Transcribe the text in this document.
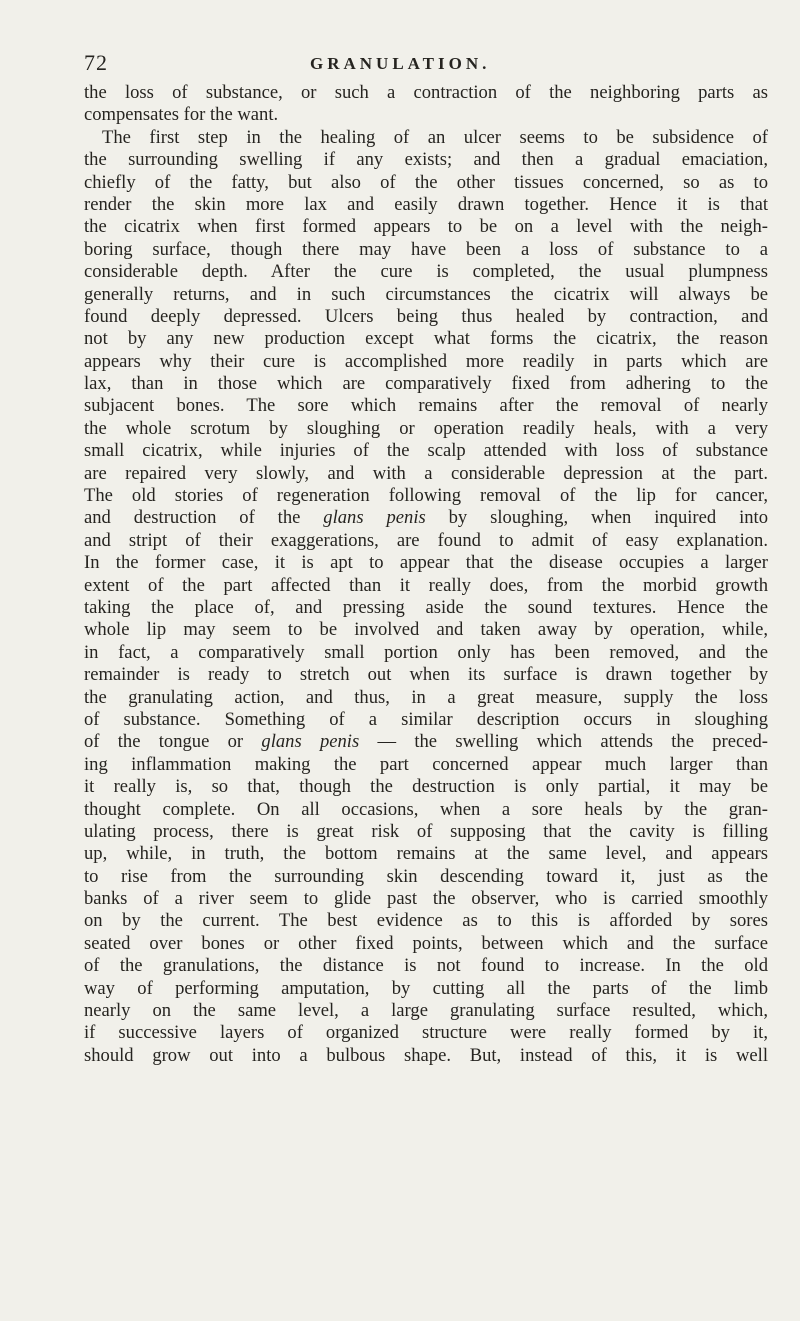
72	GRANULATION.
the loss of substance, or such a contraction of the neighboring parts as
compensates for the want.
The first step in the healing of an ulcer seems to be subsidence of
the surrounding swelling if any exists; and then a gradual emaciation,
chiefly of the fatty, but also of the other tissues concerned, so as to
render the skin more lax and easily drawn together. Hence it is that
the cicatrix when first formed appears to be on a level with the neigh-
boring surface, though there may have been a loss of substance to a
considerable depth. After the cure is completed, the usual plumpness
generally returns, and in such circumstances the cicatrix will always be
found deeply depressed. Ulcers being thus healed by contraction, and
not by any new production except what forms the cicatrix, the reason
appears why their cure is accomplished more readily in parts which are
lax, than in those which are comparatively fixed from adhering to the
subjacent bones. The sore which remains after the removal of nearly
the whole scrotum by sloughing or operation readily heals, with a very
small cicatrix, while injuries of the scalp attended with loss of substance
are repaired very slowly, and with a considerable depression at the part.
The old stories of regeneration following removal of the lip for cancer,
and destruction of the glans penis by sloughing, when inquired into
and stript of their exaggerations, are found to admit of easy explanation.
In the former case, it is apt to appear that the disease occupies a larger
extent of the part affected than it really does, from the morbid growth
taking the place of, and pressing aside the sound textures. Hence the
whole lip may seem to be involved and taken away by operation, while,
in fact, a comparatively small portion only has been removed, and the
remainder is ready to stretch out when its surface is drawn together by
the granulating action, and thus, in a great measure, supply the loss
of substance. Something of a similar description occurs in sloughing
of the tongue or glans penis — the swelling which attends the preced-
ing inflammation making the part concerned appear much larger than
it really is, so that, though the destruction is only partial, it may be
thought complete. On all occasions, when a sore heals by the gran-
ulating process, there is great risk of supposing that the cavity is filling
up, while, in truth, the bottom remains at the same level, and appears
to rise from the surrounding skin descending toward it, just as the
banks of a river seem to glide past the observer, who is carried smoothly
on by the current. The best evidence as to this is afforded by sores
seated over bones or other fixed points, between which and the surface
of the granulations, the distance is not found to increase. In the old
way of performing amputation, by cutting all the parts of the limb
nearly on the same level, a large granulating surface resulted, which,
if successive layers of organized structure were really formed by it,
should grow out into a bulbous shape. But, instead of this, it is well
